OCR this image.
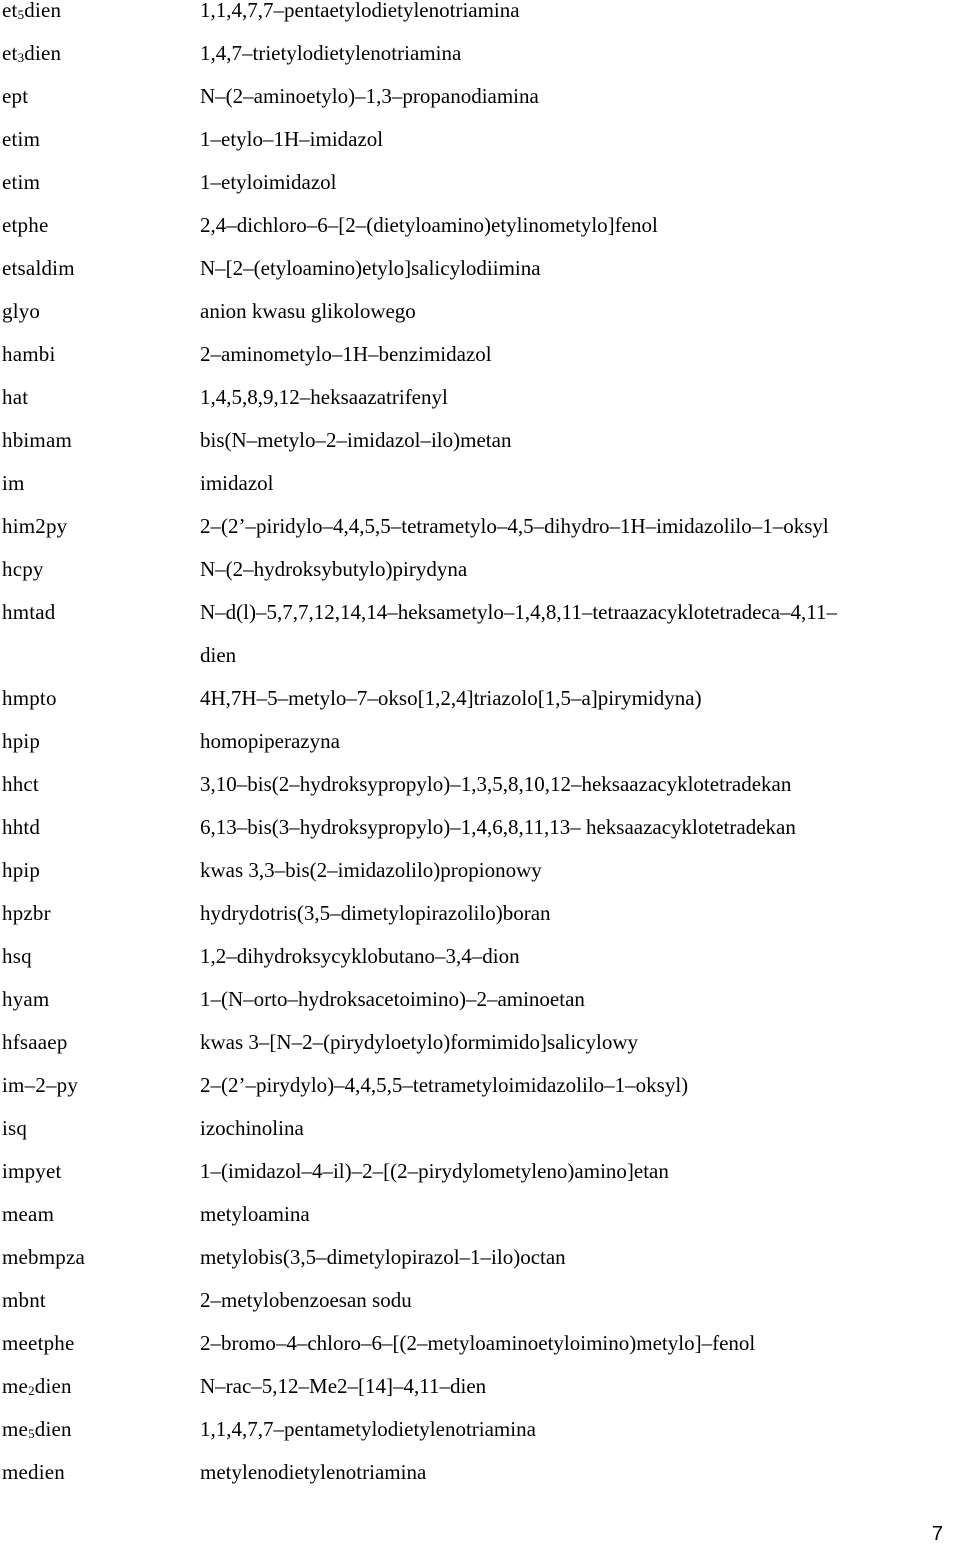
$et_5dien$	1,1,4,7,7–pentaetylodietylenotriamina
$et_3dien$	1,4,7–trietylodietylenotriamina
ept	N–(2–aminoetylo)–1,3–propanodiamina
etim	1–etylo–1H–imidazol
etim	1–etyloimidazol
etphe	2,4–dichloro–6–[2–(dietyloamino)etylinometylo]fenol
etsaldim	N–[2–(etyloamino)etylo]salicylodiimina
glyo	anion kwasu glikolowego
hambi	2–aminometylo–1H–benzimidazol
hat	1,4,5,8,9,12–heksaazatrifenyl
hbimam	bis(N–metylo–2–imidazol–ilo)metan
im	imidazol
him2py	2–(2’–piridylo–4,4,5,5–tetrametylo–4,5–dihydro–1H–imidazolilo–1–oksyl
hcpy	N–(2–hydroksybutylo)pirydyna
hmtad	N–d(l)–5,7,7,12,14,14–heksametylo–1,4,8,11–tetraazacyklotetradeca–4,11–
dien
hmpto	4H,7H–5–metylo–7–okso[1,2,4]triazolo[1,5–a]pirymidyna)
hpip	homopiperazyna
hhct	3,10–bis(2–hydroksypropylo)–1,3,5,8,10,12–heksaazacyklotetradekan
hhtd	6,13–bis(3–hydroksypropylo)–1,4,6,8,11,13– heksaazacyklotetradekan
hpip	kwas 3,3–bis(2–imidazolilo)propionowy
hpzbr	hydrydotris(3,5–dimetylopirazolilo)boran
hsq	1,2–dihydroksycyklobutano–3,4–dion
hyam	1–(N–orto–hydroksacetoimino)–2–aminoetan
hfsaaep	kwas 3–[N–2–(pirydyloetylo)formimido]salicylowy
im–2–py	2–(2’–pirydylo)–4,4,5,5–tetrametyloimidazolilo–1–oksyl)
isq	izochinolina
impyet	1–(imidazol–4–il)–2–[(2–pirydylometyleno)amino]etan
meam	metyloamina
mebmpza	metylobis(3,5–dimetylopirazol–1–ilo)octan
mbnt	2–metylobenzoesan sodu
meetphe	2–bromo–4–chloro–6–[(2–metyloaminoetyloimino)metylo]–fenol
$me_2dien$	N–rac–5,12–Me2–[14]–4,11–dien
$me_5dien$	1,1,4,7,7–pentametylodietylenotriamina
medien	metylenodietylenotriamina
7
